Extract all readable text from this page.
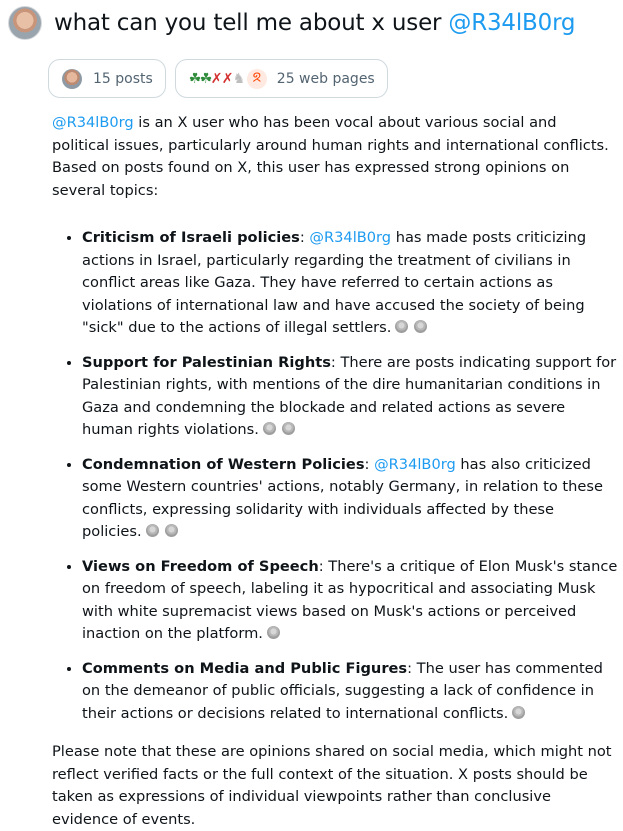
what can you tell me about x user @R34lB0rg
15 posts	☘
☘
✗ ✗ ♞ ᘝ	25 web pages

@R34lB0rg is an X user who has been vocal about various social and political issues, particularly around human rights and international conflicts. Based on posts found on X, this user has expressed strong opinions on several topics:

• Criticism of Israeli policies: @R34lB0rg has made posts criticizing actions in Israel, particularly regarding the treatment of civilians in conflict areas like Gaza. They have referred to certain actions as violations of international law and have accused the society of being "sick" due to the actions of illegal settlers.
• Support for Palestinian Rights: There are posts indicating support for Palestinian rights, with mentions of the dire humanitarian conditions in Gaza and condemning the blockade and related actions as severe human rights violations.
• Condemnation of Western Policies: @R34lB0rg has also criticized some Western countries' actions, notably Germany, in relation to these conflicts, expressing solidarity with individuals affected by these policies.
• Views on Freedom of Speech: There's a critique of Elon Musk's stance on freedom of speech, labeling it as hypocritical and associating Musk with white supremacist views based on Musk's actions or perceived inaction on the platform.
• Comments on Media and Public Figures: The user has commented on the demeanor of public officials, suggesting a lack of confidence in their actions or decisions related to international conflicts.

Please note that these are opinions shared on social media, which might not reflect verified facts or the full context of the situation. X posts should be taken as expressions of individual viewpoints rather than conclusive evidence of events.
